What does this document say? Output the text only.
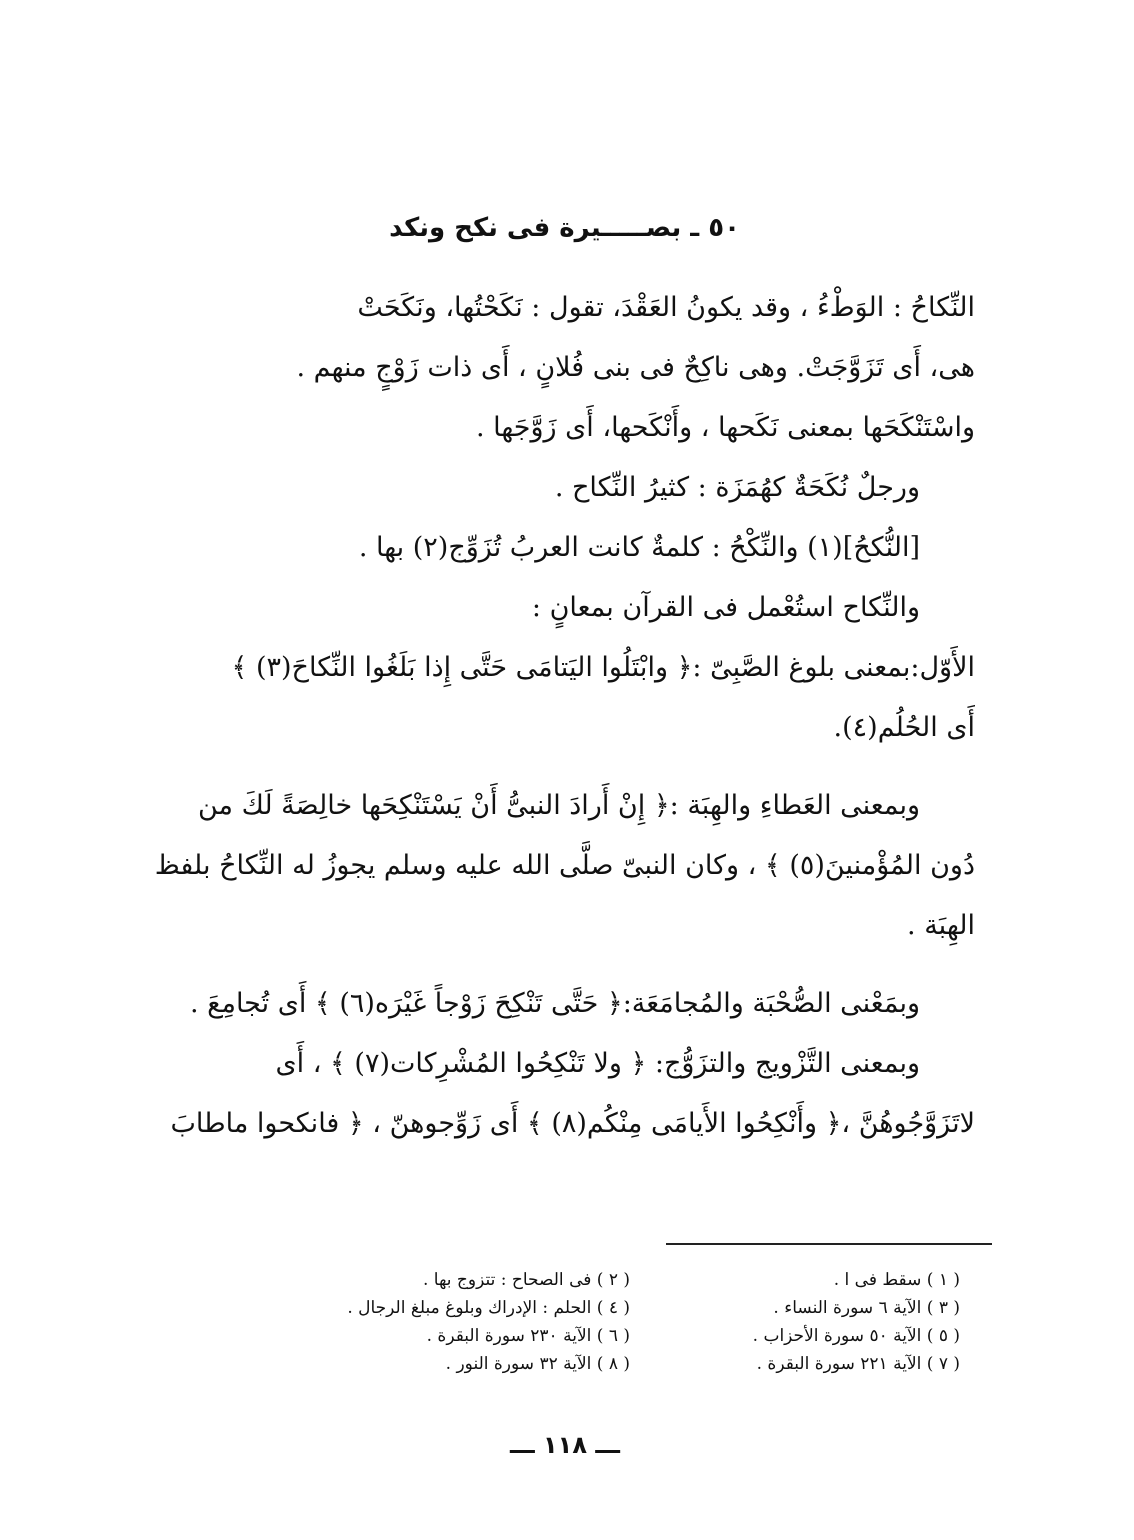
٥٠ ـ بصـــــيرة فى نكح ونكد
النِّكاحُ : الوَطْءُ ، وقد يكونُ العَقْدَ، تقول : نَكَحْتُها، ونَكَحَتْ
هى، أَى تَزَوَّجَتْ. وهى ناكِحٌ فى بنى فُلانٍ ، أَى ذات زَوْجٍ منهم .
واسْتَنْكَحَها بمعنى نَكَحها ، وأَنْكَحها، أَى زَوَّجَها .
ورجلٌ نُكَحَةٌ كهُمَزَة : كثيرُ النِّكاح .
[النُّكحُ](١) والنِّكْحُ : كلمةٌ كانت العربُ تُزَوِّج(٢) بها .
والنِّكاح استُعْمل فى القرآن بمعانٍ :
الأَوّل:بمعنى بلوغ الصَّبِىّ :﴿ وابْتَلُوا اليَتامَى حَتَّى إِذا بَلَغُوا النِّكاحَ(٣) ﴾
أَى الحُلُم(٤).
وبمعنى العَطاءِ والهِبَة :﴿ إِنْ أَرادَ النبىُّ أَنْ يَسْتَنْكِحَها خالِصَةً لَكَ من
دُون المُؤْمنينَ(٥) ﴾ ، وكان النبىّ صلَّى الله عليه وسلم يجوزُ له النِّكاحُ بلفظ
الهِبَة .
وبمَعْنى الصُّحْبَة والمُجامَعَة:﴿ حَتَّى تَنْكِحَ زَوْجاً غَيْرَه(٦) ﴾ أَى تُجامِعَ .
وبمعنى التَّزْويج والتزَوُّج: ﴿ ولا تَنْكِحُوا المُشْرِكات(٧) ﴾ ، أَى
لاتَزَوَّجُوهُنَّ ،﴿ وأَنْكِحُوا الأَيامَى مِنْكُم(٨) ﴾ أَى زَوِّجوهنّ ، ﴿ فانكحوا ماطابَ
( ١ ) سقط فى ا .
( ٢ ) فى الصحاح : تتزوج بها .
( ٣ ) الآية ٦ سورة النساء .
( ٤ ) الحلم : الإدراك وبلوغ مبلغ الرجال .
( ٥ ) الآية ٥٠ سورة الأحزاب .
( ٦ ) الآية ٢٣٠ سورة البقرة .
( ٧ ) الآية ٢٢١ سورة البقرة .
( ٨ ) الآية ٣٢ سورة النور .
ـــ ١١٨ ـــ
